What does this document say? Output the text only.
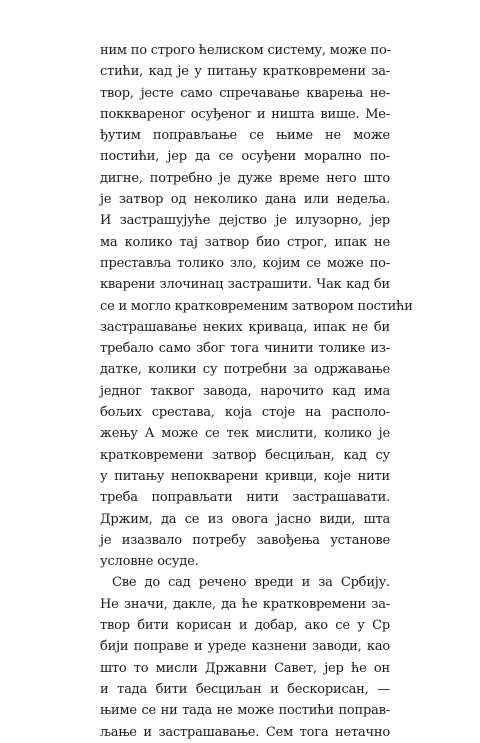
ним по строго ћелиском систему, може по-
стићи, кад је у питању кратковремени за-
твор, јесте само спречавање кварења не-
покквареног осуђеног и ништа више. Ме-
ђутим поправљање се њиме не може
постићи, јер да се осуђени морално по-
дигне, потребно је дуже време него што
је затвор од неколико дана или недеља.
И застрашујуће дејство је илузорно, јер
ма колико тај затвор био строг, ипак не
преставља толико зло, којим се може по-
кварени злочинац застрашити. Чак кад би
се и могло кратковременим затвором постићи
застрашавање неких кривaца, ипак не би
требало само због тога чинити толике из-
датке, колики су потребни за одржавање
једног таквог завода, нарочито кад има
бољих срестава, која стоје на располо-
жењу А може се тек мислити, колико је
кратковремени затвор бесциљан, кад су
у питању непоквaрени кривци, које нити
треба поправљати нити застрашавати.
Држим, да се из овога јасно види, шта
је изазвало потребу завођења установе
условне осуде.
Све до сад речено вреди и за Србију.
Не значи, дакле, да ће кратковремени за-
твор бити корисан и добар, ако се у Ср
бији поправе и уреде казнени заводи, као
што то мисли Државни Савет, јер ће он
и тада бити бесциљан и бескорисан, —
њиме се ни тада не може постићи поправ-
љање и застрашавање. Сем тога нетачно
